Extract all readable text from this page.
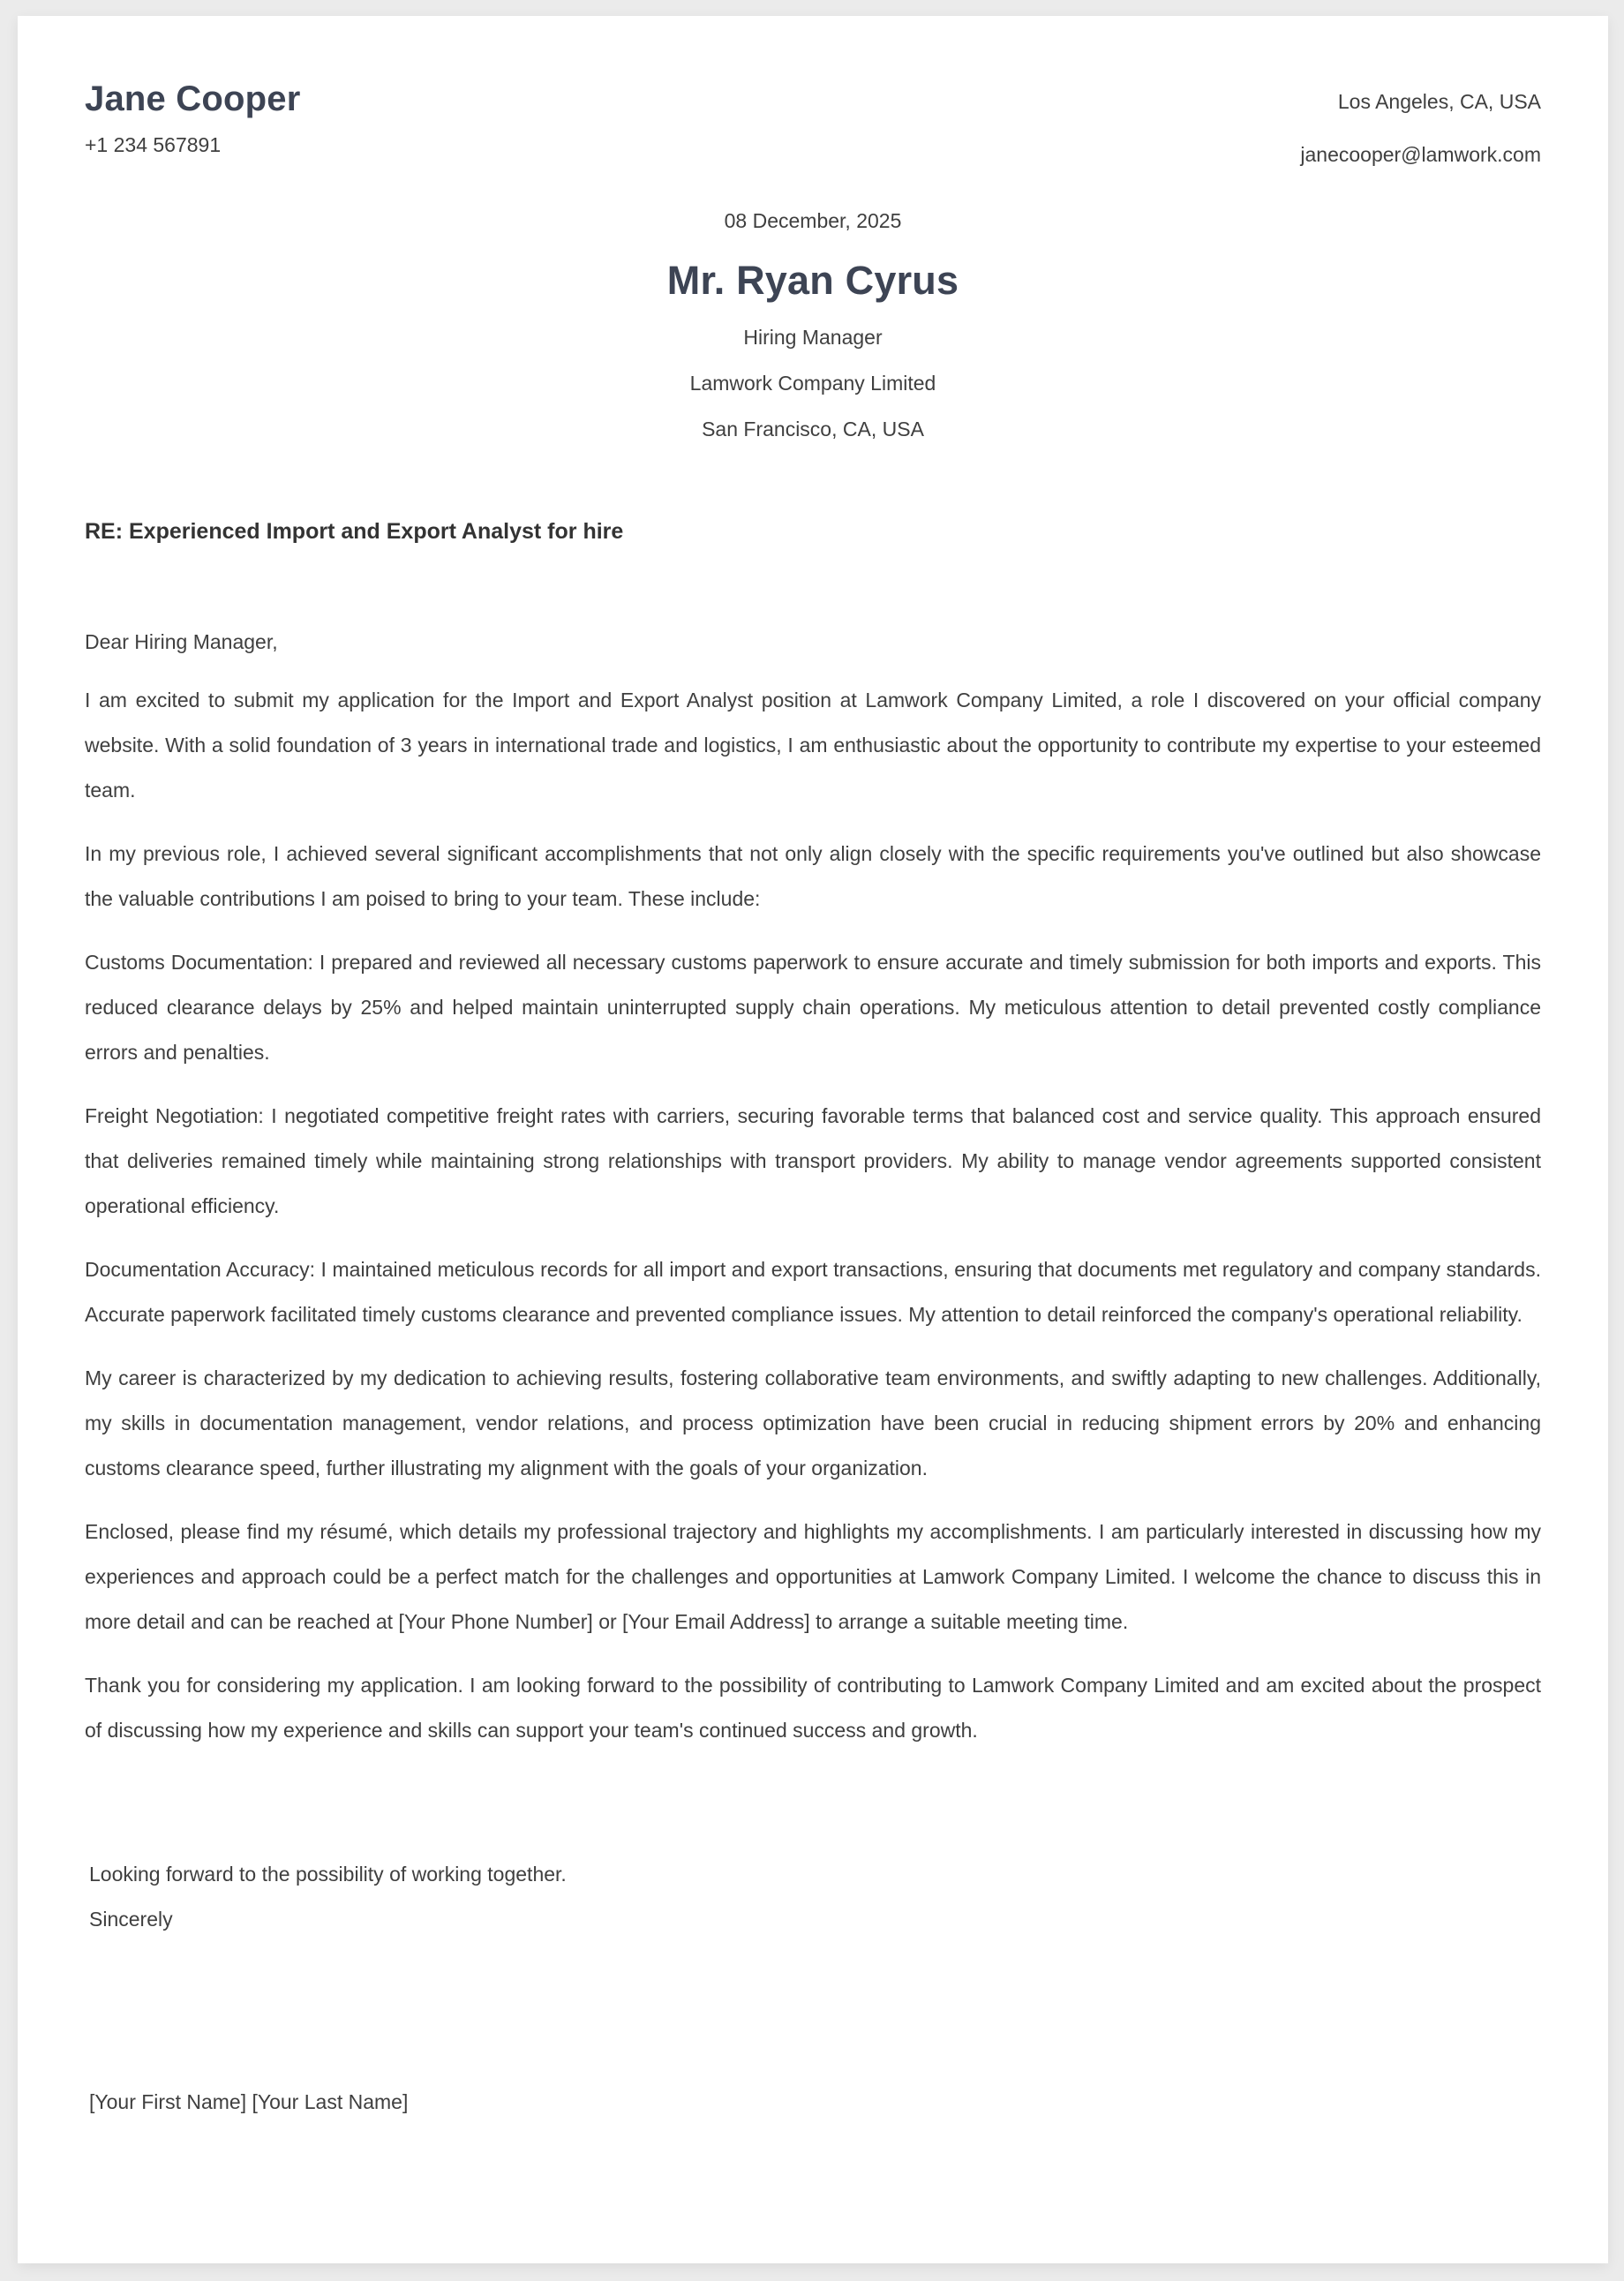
Jane Cooper
+1 234 567891
Los Angeles, CA, USA
janecooper@lamwork.com
08 December, 2025
Mr. Ryan Cyrus
Hiring Manager
Lamwork Company Limited
San Francisco, CA, USA
RE: Experienced Import and Export Analyst for hire

Dear Hiring Manager,

I am excited to submit my application for the Import and Export Analyst position at Lamwork Company Limited, a role I discovered on your official company website. With a solid foundation of 3 years in international trade and logistics, I am enthusiastic about the opportunity to contribute my expertise to your esteemed team.

In my previous role, I achieved several significant accomplishments that not only align closely with the specific requirements you've outlined but also showcase the valuable contributions I am poised to bring to your team. These include:

Customs Documentation: I prepared and reviewed all necessary customs paperwork to ensure accurate and timely submission for both imports and exports. This reduced clearance delays by 25% and helped maintain uninterrupted supply chain operations. My meticulous attention to detail prevented costly compliance errors and penalties.

Freight Negotiation: I negotiated competitive freight rates with carriers, securing favorable terms that balanced cost and service quality. This approach ensured that deliveries remained timely while maintaining strong relationships with transport providers. My ability to manage vendor agreements supported consistent operational efficiency.

Documentation Accuracy: I maintained meticulous records for all import and export transactions, ensuring that documents met regulatory and company standards. Accurate paperwork facilitated timely customs clearance and prevented compliance issues. My attention to detail reinforced the company's operational reliability.

My career is characterized by my dedication to achieving results, fostering collaborative team environments, and swiftly adapting to new challenges. Additionally, my skills in documentation management, vendor relations, and process optimization have been crucial in reducing shipment errors by 20% and enhancing customs clearance speed, further illustrating my alignment with the goals of your organization.

Enclosed, please find my résumé, which details my professional trajectory and highlights my accomplishments. I am particularly interested in discussing how my experiences and approach could be a perfect match for the challenges and opportunities at Lamwork Company Limited. I welcome the chance to discuss this in more detail and can be reached at [Your Phone Number] or [Your Email Address] to arrange a suitable meeting time.

Thank you for considering my application. I am looking forward to the possibility of contributing to Lamwork Company Limited and am excited about the prospect of discussing how my experience and skills can support your team's continued success and growth.

Looking forward to the possibility of working together.

Sincerely

[Your First Name] [Your Last Name]
